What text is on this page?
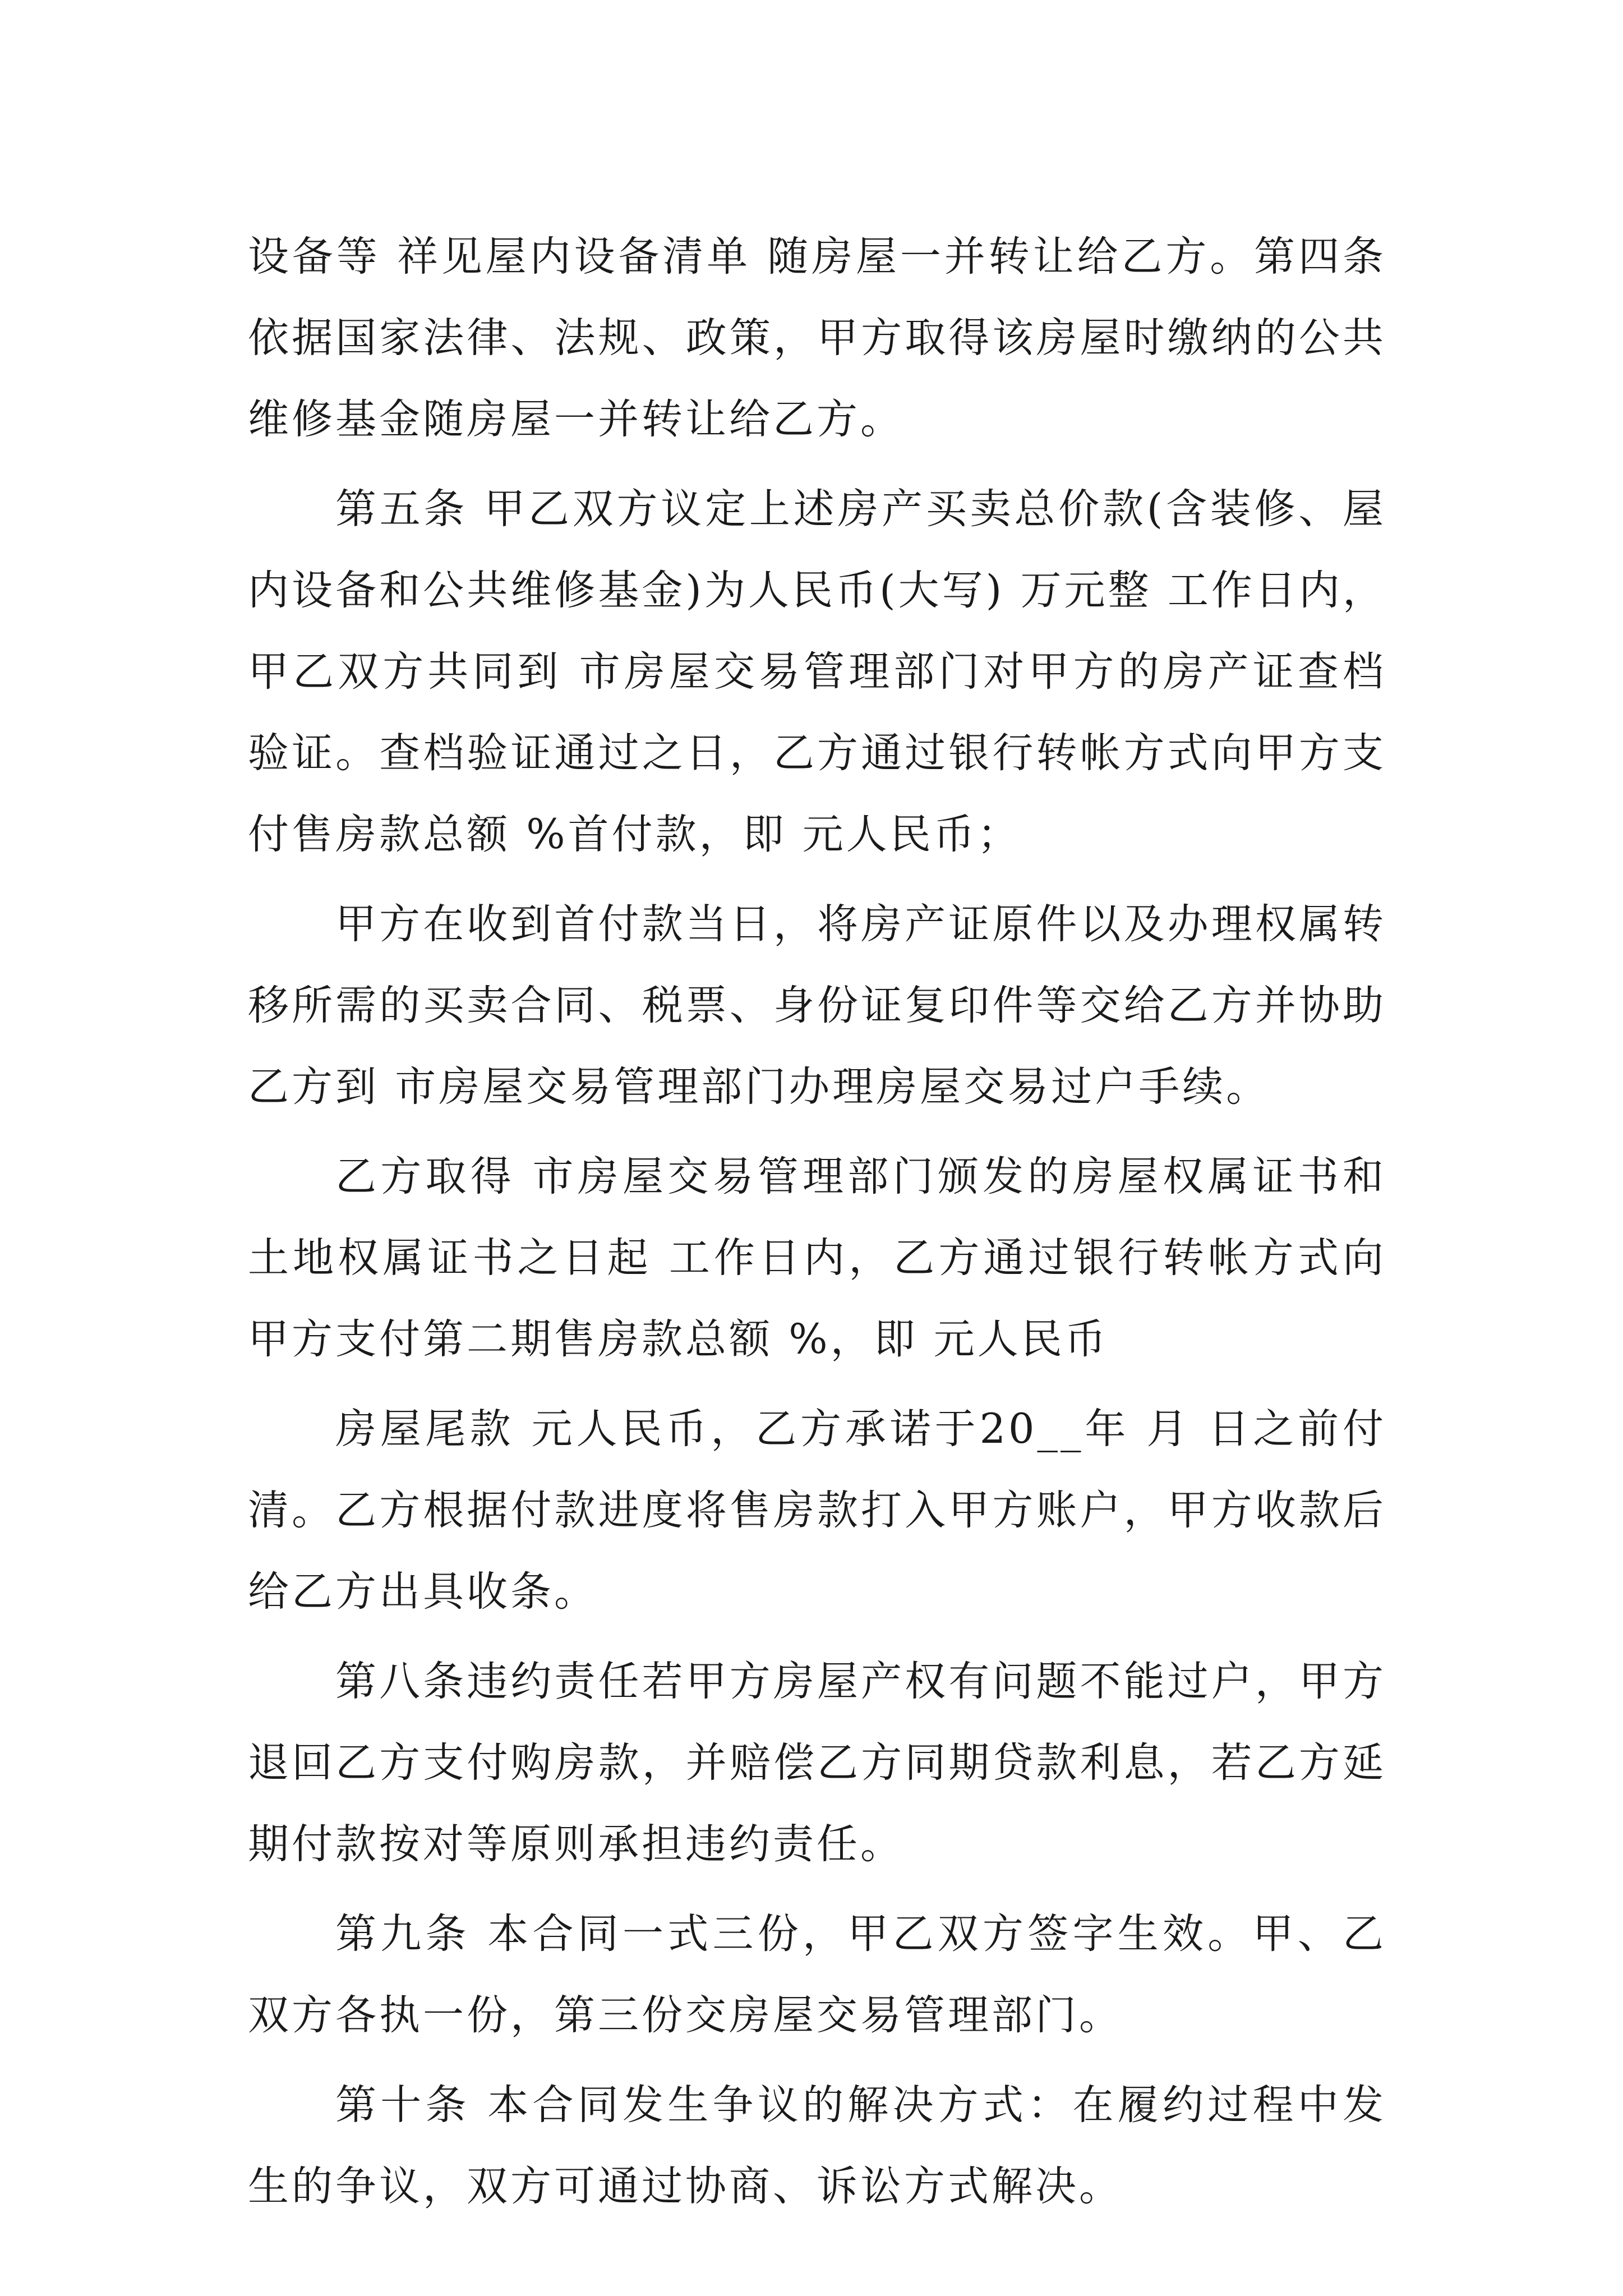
设备等 祥见屋内设备清单 随房屋一并转让给乙方。第四条依据国家法律、法规、政策，甲方取得该房屋时缴纳的公共维修基金随房屋一并转让给乙方。

第五条 甲乙双方议定上述房产买卖总价款(含装修、屋内设备和公共维修基金)为人民币(大写) 万元整 工作日内，甲乙双方共同到 市房屋交易管理部门对甲方的房产证查档验证。查档验证通过之日，乙方通过银行转帐方式向甲方支付售房款总额 %首付款，即 元人民币；

甲方在收到首付款当日，将房产证原件以及办理权属转移所需的买卖合同、税票、身份证复印件等交给乙方并协助乙方到 市房屋交易管理部门办理房屋交易过户手续。

乙方取得 市房屋交易管理部门颁发的房屋权属证书和土地权属证书之日起 工作日内，乙方通过银行转帐方式向甲方支付第二期售房款总额 %，即 元人民币

房屋尾款 元人民币，乙方承诺于20__年 月 日之前付清。乙方根据付款进度将售房款打入甲方账户，甲方收款后给乙方出具收条。

第八条违约责任若甲方房屋产权有问题不能过户，甲方退回乙方支付购房款，并赔偿乙方同期贷款利息，若乙方延期付款按对等原则承担违约责任。

第九条 本合同一式三份，甲乙双方签字生效。甲、乙双方各执一份，第三份交房屋交易管理部门。

第十条 本合同发生争议的解决方式：在履约过程中发生的争议，双方可通过协商、诉讼方式解决。
